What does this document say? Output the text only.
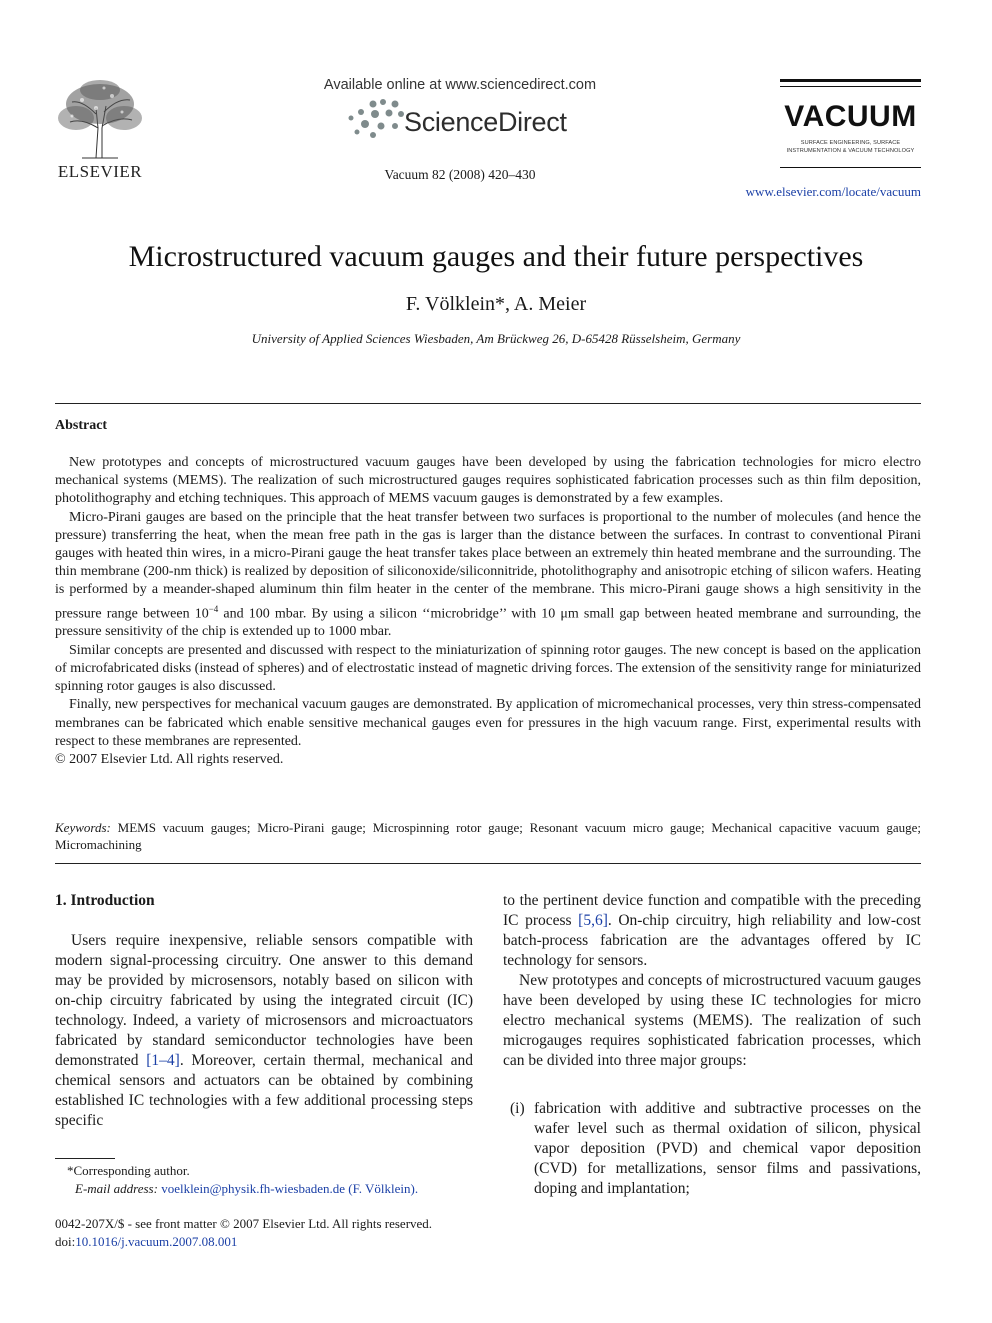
ELSEVIER
Available online at www.sciencedirect.com
ScienceDirect
Vacuum 82 (2008) 420–430
VACUUM
SURFACE ENGINEERING, SURFACE INSTRUMENTATION & VACUUM TECHNOLOGY
www.elsevier.com/locate/vacuum
Microstructured vacuum gauges and their future perspectives
F. Völklein*, A. Meier
University of Applied Sciences Wiesbaden, Am Brückweg 26, D-65428 Rüsselsheim, Germany
Abstract

New prototypes and concepts of microstructured vacuum gauges have been developed by using the fabrication technologies for micro electro mechanical systems (MEMS). The realization of such microstructured gauges requires sophisticated fabrication processes such as thin film deposition, photolithography and etching techniques. This approach of MEMS vacuum gauges is demonstrated by a few examples.

Micro-Pirani gauges are based on the principle that the heat transfer between two surfaces is proportional to the number of molecules (and hence the pressure) transferring the heat, when the mean free path in the gas is larger than the distance between the surfaces. In contrast to conventional Pirani gauges with heated thin wires, in a micro-Pirani gauge the heat transfer takes place between an extremely thin heated membrane and the surrounding. The thin membrane (200-nm thick) is realized by deposition of siliconoxide/siliconnitride, photolithography and anisotropic etching of silicon wafers. Heating is performed by a meander-shaped aluminum thin film heater in the center of the membrane. This micro-Pirani gauge shows a high sensitivity in the pressure range between $10^{-4}$ and 100 mbar. By using a silicon ‘‘microbridge’’ with 10 μm small gap between heated membrane and surrounding, the pressure sensitivity of the chip is extended up to 1000 mbar.

Similar concepts are presented and discussed with respect to the miniaturization of spinning rotor gauges. The new concept is based on the application of microfabricated disks (instead of spheres) and of electrostatic instead of magnetic driving forces. The extension of the sensitivity range for miniaturized spinning rotor gauges is also discussed.

Finally, new perspectives for mechanical vacuum gauges are demonstrated. By application of micromechanical processes, very thin stress-compensated membranes can be fabricated which enable sensitive mechanical gauges even for pressures in the high vacuum range. First, experimental results with respect to these membranes are represented.

© 2007 Elsevier Ltd. All rights reserved.

Keywords: MEMS vacuum gauges; Micro-Pirani gauge; Microspinning rotor gauge; Resonant vacuum micro gauge; Mechanical capacitive vacuum gauge; Micromachining
1. Introduction

Users require inexpensive, reliable sensors compatible with modern signal-processing circuitry. One answer to this demand may be provided by microsensors, notably based on silicon with on-chip circuitry fabricated by using the integrated circuit (IC) technology. Indeed, a variety of microsensors and microactuators fabricated by standard semiconductor technologies have been demonstrated [1–4]. Moreover, certain thermal, mechanical and chemical sensors and actuators can be obtained by combining established IC technologies with a few additional processing steps specific

to the pertinent device function and compatible with the preceding IC process [5,6]. On-chip circuitry, high reliability and low-cost batch-process fabrication are the advantages offered by IC technology for sensors.

New prototypes and concepts of microstructured vacuum gauges have been developed by using these IC technologies for micro electro mechanical systems (MEMS). The realization of such microgauges requires sophisticated fabrication processes, which can be divided into three major groups:

(i) fabrication with additive and subtractive processes on the wafer level such as thermal oxidation of silicon, physical vapor deposition (PVD) and chemical vapor deposition (CVD) for metallizations, sensor films and passivations, doping and implantation;
*Corresponding author.
E-mail address: voelklein@physik.fh-wiesbaden.de (F. Völklein).
0042-207X/$ - see front matter © 2007 Elsevier Ltd. All rights reserved.
doi:10.1016/j.vacuum.2007.08.001
